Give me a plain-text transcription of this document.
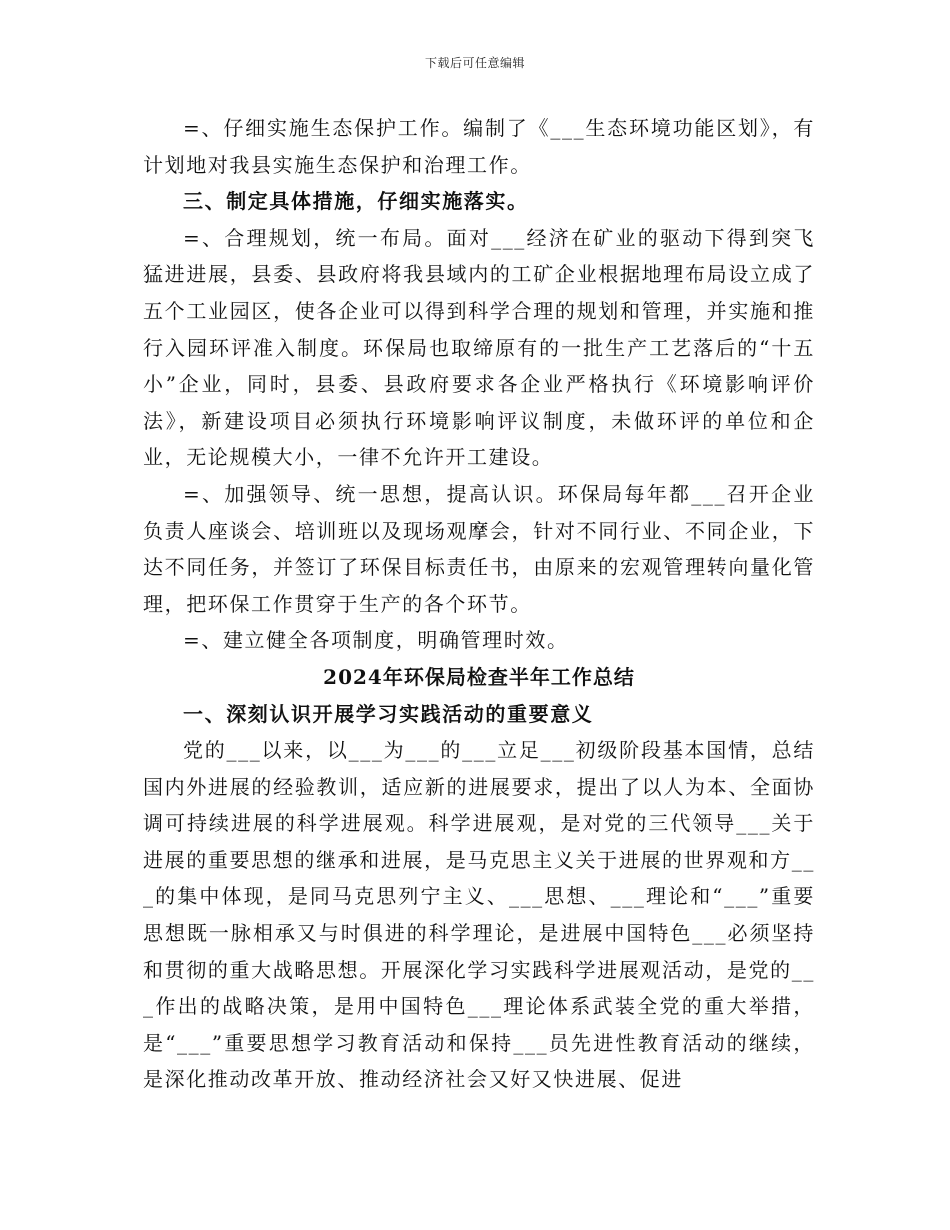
下载后可任意编辑

=、仔细实施生态保护工作。编制了《___生态环境功能区划》，有计划地对我县实施生态保护和治理工作。

三、制定具体措施，仔细实施落实。

=、合理规划，统一布局。面对___经济在矿业的驱动下得到突飞猛进进展，县委、县政府将我县域内的工矿企业根据地理布局设立成了五个工业园区，使各企业可以得到科学合理的规划和管理，并实施和推行入园环评准入制度。环保局也取缔原有的一批生产工艺落后的“十五小”企业，同时，县委、县政府要求各企业严格执行《环境影响评价法》，新建设项目必须执行环境影响评议制度，未做环评的单位和企业，无论规模大小，一律不允许开工建设。

=、加强领导、统一思想，提高认识。环保局每年都___召开企业负责人座谈会、培训班以及现场观摩会，针对不同行业、不同企业，下达不同任务，并签订了环保目标责任书，由原来的宏观管理转向量化管理，把环保工作贯穿于生产的各个环节。

=、建立健全各项制度，明确管理时效。

2024年环保局检查半年工作总结

一、深刻认识开展学习实践活动的重要意义

党的___以来，以___为___的___立足___初级阶段基本国情，总结国内外进展的经验教训，适应新的进展要求，提出了以人为本、全面协调可持续进展的科学进展观。科学进展观，是对党的三代领导___关于进展的重要思想的继承和进展，是马克思主义关于进展的世界观和方___的集中体现，是同马克思列宁主义、___思想、___理论和“___”重要思想既一脉相承又与时俱进的科学理论，是进展中国特色___必须坚持和贯彻的重大战略思想。开展深化学习实践科学进展观活动，是党的___作出的战略决策，是用中国特色___理论体系武装全党的重大举措，是“___”重要思想学习教育活动和保持___员先进性教育活动的继续，是深化推动改革开放、推动经济社会又好又快进展、促进
